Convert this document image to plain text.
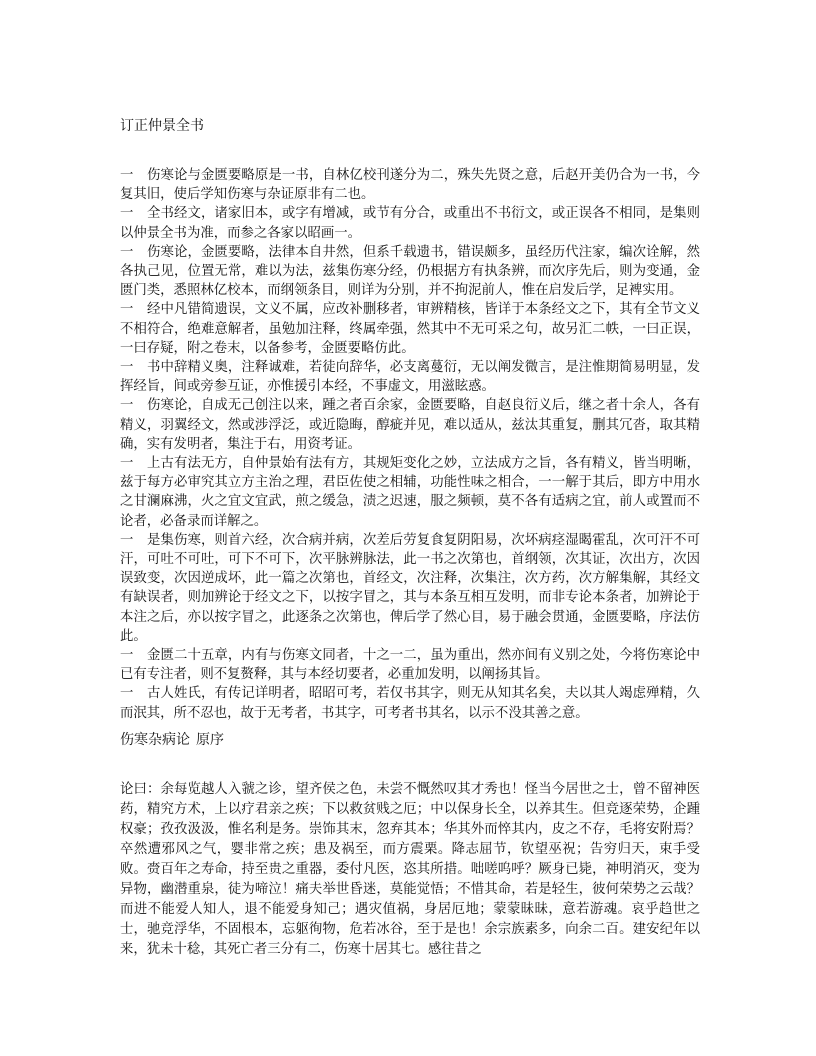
订正仲景全书

一　伤寒论与金匮要略原是一书，自林亿校刊遂分为二，殊失先贤之意，后赵开美仍合为一书，今复其旧，使后学知伤寒与杂证原非有二也。

一　全书经文，诸家旧本，或字有增减，或节有分合，或重出不书衍文，或正误各不相同，是集则以仲景全书为准，而参之各家以昭画一。

一　伤寒论，金匮要略，法律本自井然，但系千载遗书，错误颇多，虽经历代注家，编次诠解，然各执己见，位置无常，难以为法，兹集伤寒分经，仍根据方有执条辨，而次序先后，则为变通，金匮门类，悉照林亿校本，而纲领条目，则详为分别，并不拘泥前人，惟在启发后学，足裨实用。

一　经中凡错简遗误，文义不属，应改补删移者，审辨精核，皆详于本条经文之下，其有全节文义不相符合，绝难意解者，虽勉加注释，终属牵强，然其中不无可采之句，故另汇二帙，一曰正误，一曰存疑，附之卷末，以备参考，金匮要略仿此。

一　书中辞精义奥，注释诚难，若徒向辞华，必支离蔓衍，无以阐发微言，是注惟期简易明显，发挥经旨，间或旁参互证，亦惟援引本经，不事虚文，用滋眩惑。

一　伤寒论，自成无己创注以来，踵之者百余家，金匮要略，自赵良衍义后，继之者十余人，各有精义，羽翼经文，然或涉浮泛，或近隐晦，醇疵并见，难以适从，兹汰其重复，删其冗沓，取其精确，实有发明者，集注于右，用资考证。

一　上古有法无方，自仲景始有法有方，其规矩变化之妙，立法成方之旨，各有精义，皆当明晰，兹于每方必审究其立方主治之理，君臣佐使之相辅，功能性味之相合，一一解于其后，即方中用水之甘澜麻沸，火之宜文宜武，煎之缓急，渍之迟速，服之频顿，莫不各有适病之宜，前人或置而不论者，必备录而详解之。

一　是集伤寒，则首六经，次合病并病，次差后劳复食复阴阳易，次坏病痉湿暍霍乱，次可汗不可汗，可吐不可吐，可下不可下，次平脉辨脉法，此一书之次第也，首纲领，次其证，次出方，次因误致变，次因逆成坏，此一篇之次第也，首经文，次注释，次集注，次方药，次方解集解，其经文有缺误者，则加辨论于经文之下，以按字冒之，其与本条互相互发明，而非专论本条者，加辨论于本注之后，亦以按字冒之，此逐条之次第也，俾后学了然心目，易于融会贯通，金匮要略，序法仿此。

一　金匮二十五章，内有与伤寒文同者，十之一二，虽为重出，然亦间有义别之处，今将伤寒论中已有专注者，则不复赘释，其与本经切要者，必重加发明，以阐扬其旨。

一　古人姓氏，有传记详明者，昭昭可考，若仅书其字，则无从知其名矣，夫以其人竭虑殚精，久而泯其，所不忍也，故于无考者，书其字，可考者书其名，以示不没其善之意。

伤寒杂病论 原序

论曰：余每览越人入虢之诊，望齐侯之色，未尝不慨然叹其才秀也！怪当今居世之士，曾不留神医药，精究方术，上以疗君亲之疾；下以救贫贱之厄；中以保身长全，以养其生。但竞逐荣势，企踵权豪；孜孜汲汲，惟名利是务。崇饰其末，忽弃其本；华其外而悴其内，皮之不存，毛将安附焉？卒然遭邪风之气，婴非常之疾；患及祸至，而方震栗。降志屈节，钦望巫祝；告穷归天，束手受败。赍百年之寿命，持至贵之重器，委付凡医，恣其所措。咄嗟呜呼？厥身已毙，神明消灭，变为异物，幽潜重泉，徒为啼泣！痛夫举世昏迷，莫能觉悟；不惜其命，若是轻生，彼何荣势之云哉？而进不能爱人知人，退不能爱身知己；遇灾值祸，身居厄地；蒙蒙昧昧，意若游魂。哀乎趋世之士，驰竞浮华，不固根本，忘躯徇物，危若冰谷，至于是也！余宗族素多，向余二百。建安纪年以来，犹未十稔，其死亡者三分有二，伤寒十居其七。感往昔之
